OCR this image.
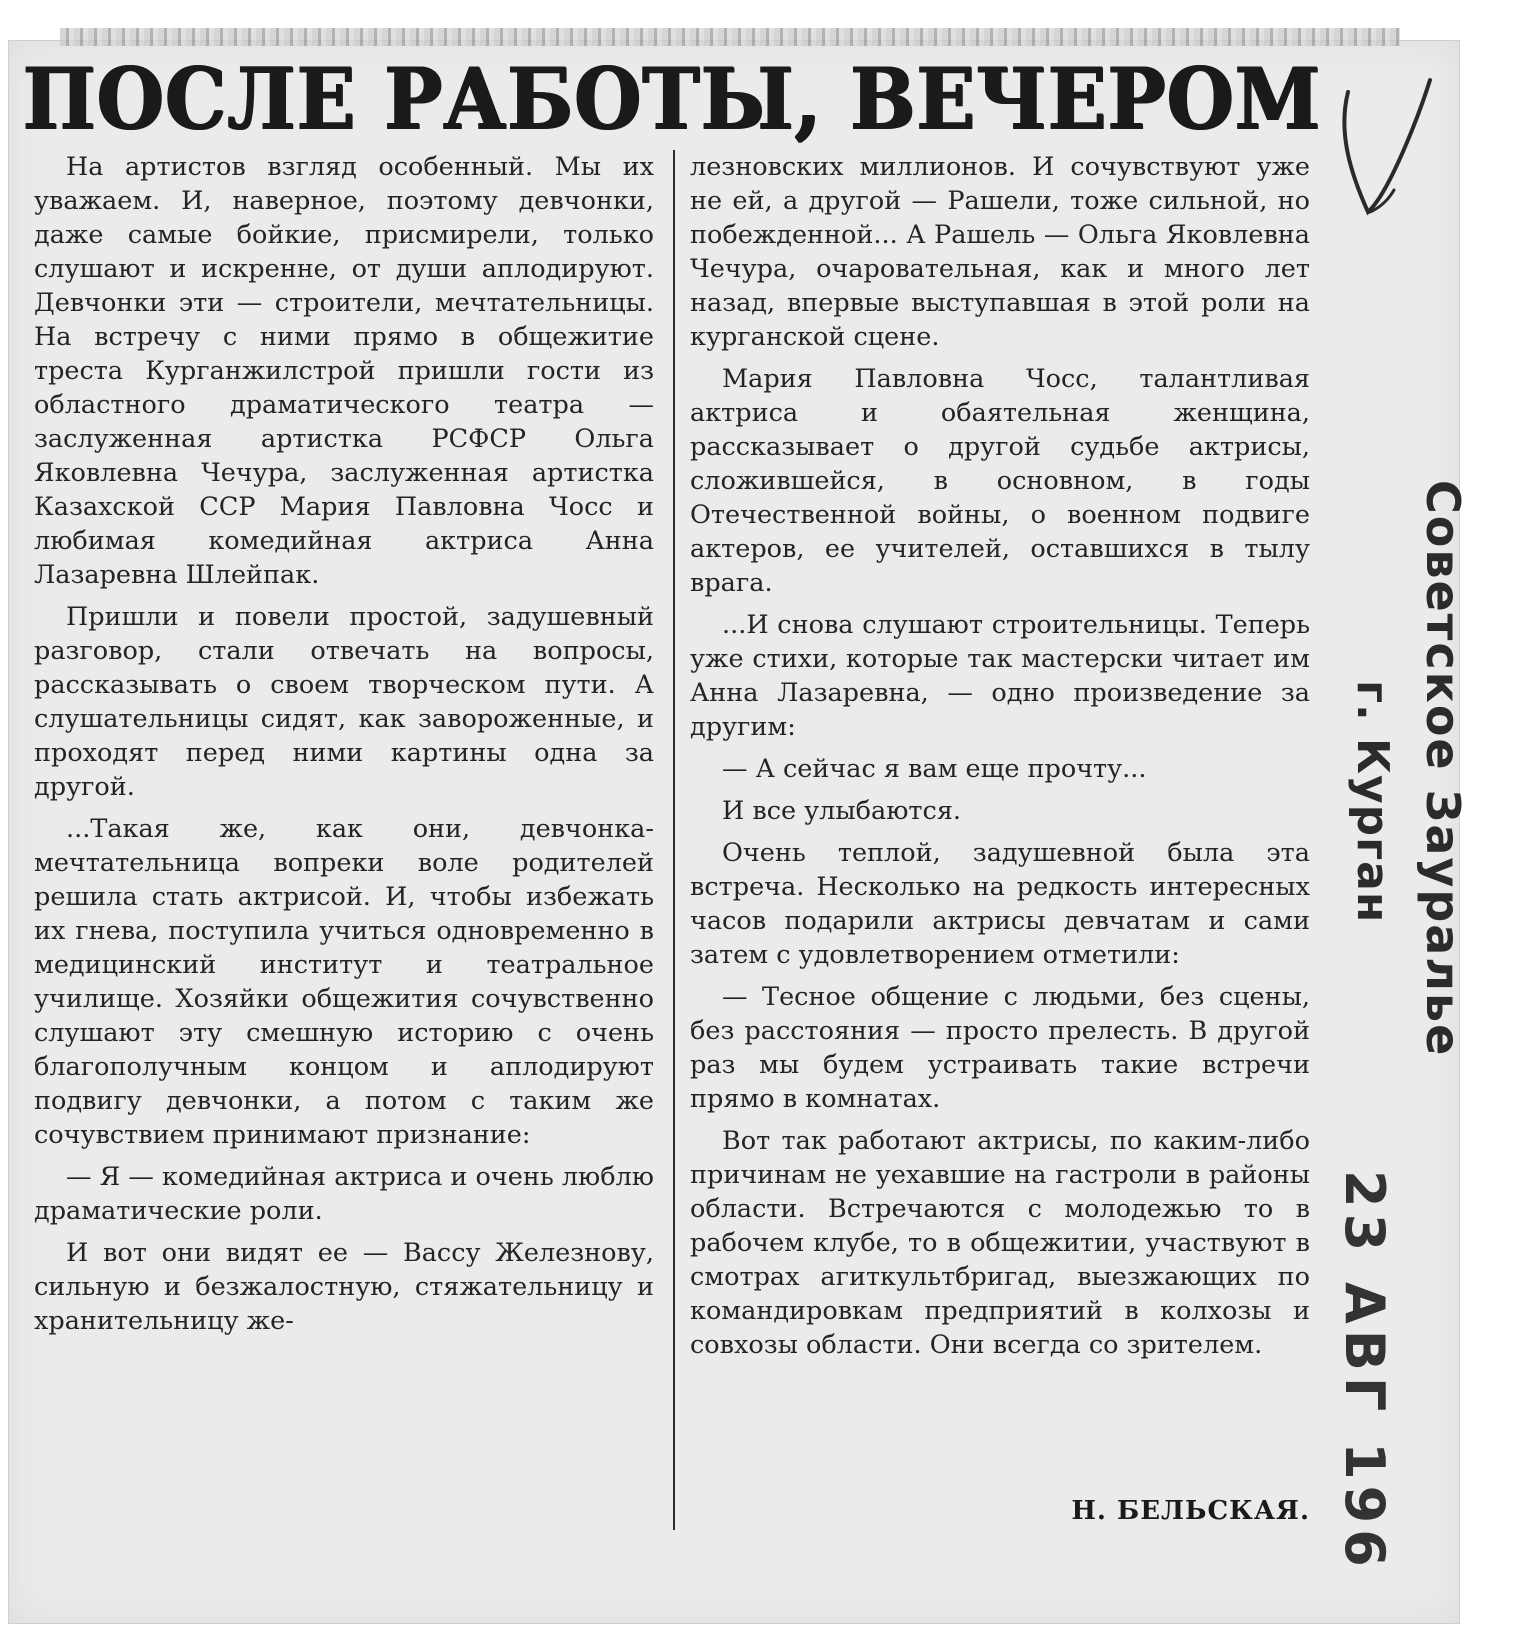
ПОСЛЕ РАБОТЫ, ВЕЧЕРОМ

На артистов взгляд особенный. Мы их уважаем. И, наверное, поэтому девчонки, даже самые бойкие, присмирели, только слушают и искренне, от души аплодируют. Девчонки эти — строители, мечтательницы. На встречу с ними прямо в общежитие треста Курганжилстрой пришли гости из областного драматического театра — заслуженная артистка РСФСР Ольга Яковлевна Чечура, заслуженная артистка Казахской ССР Мария Павловна Чосс и любимая комедийная актриса Анна Лазаревна Шлейпак.

Пришли и повели простой, задушевный разговор, стали отвечать на вопросы, рассказывать о своем творческом пути. А слушательницы сидят, как завороженные, и проходят перед ними картины одна за другой.

...Такая же, как они, девчонка-мечтательница вопреки воле родителей решила стать актрисой. И, чтобы избежать их гнева, поступила учиться одновременно в медицинский институт и театральное училище. Хозяйки общежития сочувственно слушают эту смешную историю с очень благополучным концом и аплодируют подвигу девчонки, а потом с таким же сочувствием принимают признание:

— Я — комедийная актриса и очень люблю драматические роли.

И вот они видят ее — Вассу Железнову, сильную и безжалостную, стяжательницу и хранительницу же-

лезновских миллионов. И сочувствуют уже не ей, а другой — Рашели, тоже сильной, но побежденной... А Рашель — Ольга Яковлевна Чечура, очаровательная, как и много лет назад, впервые выступавшая в этой роли на курганской сцене.

Мария Павловна Чосс, талантливая актриса и обаятельная женщина, рассказывает о другой судьбе актрисы, сложившейся, в основном, в годы Отечественной войны, о военном подвиге актеров, ее учителей, оставшихся в тылу врага.

...И снова слушают строительницы. Теперь уже стихи, которые так мастерски читает им Анна Лазаревна, — одно произведение за другим:

— А сейчас я вам еще прочту...

И все улыбаются.

Очень теплой, задушевной была эта встреча. Несколько на редкость интересных часов подарили актрисы девчатам и сами затем с удовлетворением отметили:

— Тесное общение с людьми, без сцены, без расстояния — просто прелесть. В другой раз мы будем устраивать такие встречи прямо в комнатах.

Вот так работают актрисы, по каким-либо причинам не уехавшие на гастроли в районы области. Встречаются с молодежью то в рабочем клубе, то в общежитии, участвуют в смотрах агиткультбригад, выезжающих по командировкам предприятий в колхозы и совхозы области. Они всегда со зрителем.

Н. БЕЛЬСКАЯ.
Советское Зауралье
г. Курган
23 АВГ 196
